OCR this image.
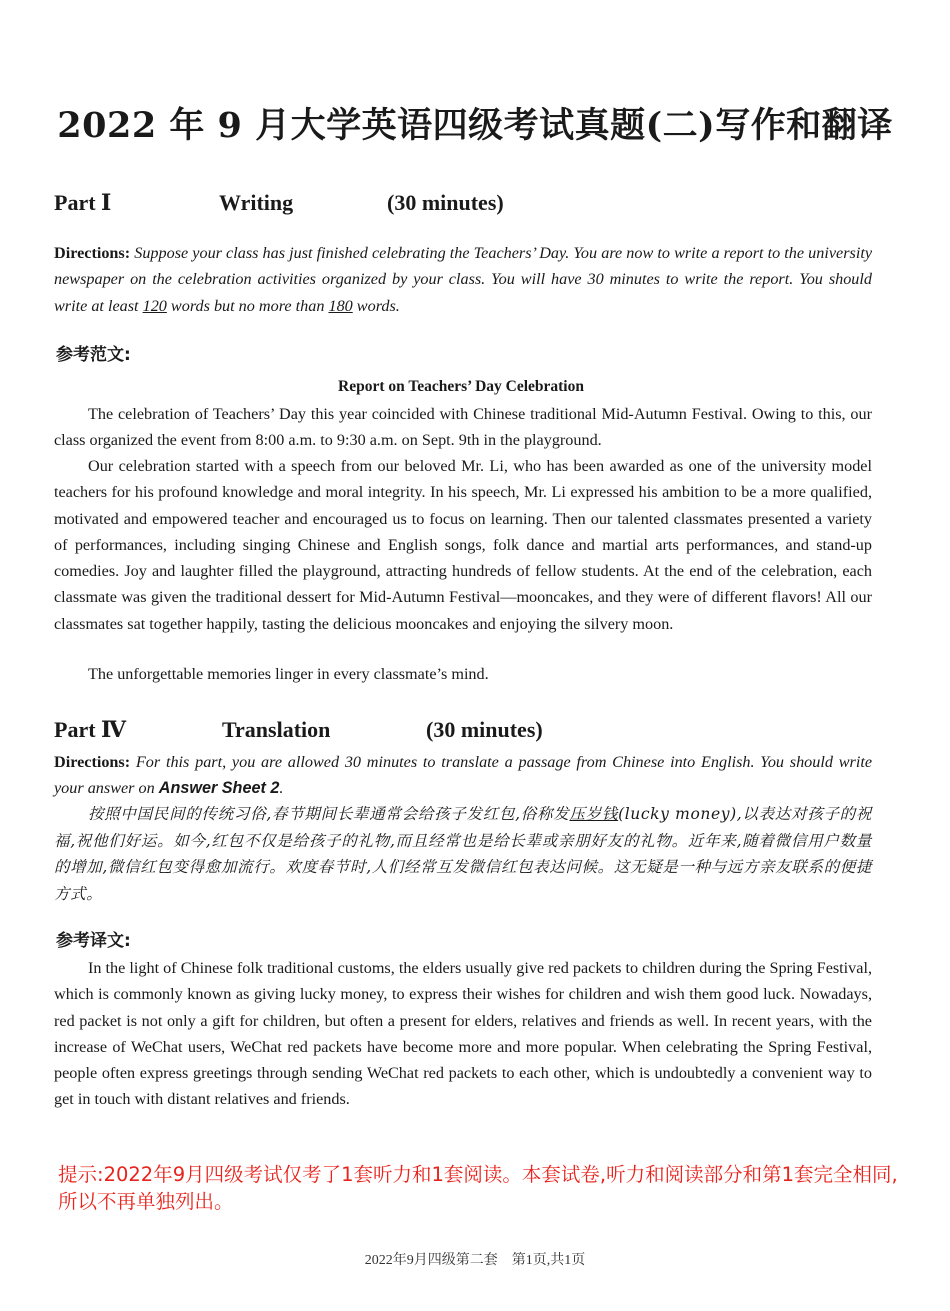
2022 年 9 月大学英语四级考试真题(二)写作和翻译
Part Ⅰ	Writing	(30 minutes)
Directions: Suppose your class has just finished celebrating the Teachers’ Day. You are now to write a report to the university newspaper on the celebration activities organized by your class. You will have 30 minutes to write the report. You should write at least 120 words but no more than 180 words.
参考范文:
Report on Teachers’ Day Celebration
The celebration of Teachers’ Day this year coincided with Chinese traditional Mid-Autumn Festival. Owing to this, our class organized the event from 8:00 a.m. to 9:30 a.m. on Sept. 9th in the playground.
Our celebration started with a speech from our beloved Mr. Li, who has been awarded as one of the university model teachers for his profound knowledge and moral integrity. In his speech, Mr. Li expressed his ambition to be a more qualified, motivated and empowered teacher and encouraged us to focus on learning. Then our talented classmates presented a variety of performances, including singing Chinese and English songs, folk dance and martial arts performances, and stand-up comedies. Joy and laughter filled the playground, attracting hundreds of fellow students. At the end of the celebration, each classmate was given the traditional dessert for Mid-Autumn Festival—mooncakes, and they were of different flavors! All our classmates sat together happily, tasting the delicious mooncakes and enjoying the silvery moon.
The unforgettable memories linger in every classmate’s mind.
Part Ⅳ	Translation	(30 minutes)
Directions: For this part, you are allowed 30 minutes to translate a passage from Chinese into English. You should write your answer on Answer Sheet 2.
按照中国民间的传统习俗,春节期间长辈通常会给孩子发红包,俗称发压岁钱(lucky money),以表达对孩子的祝福,祝他们好运。如今,红包不仅是给孩子的礼物,而且经常也是给长辈或亲朋好友的礼物。近年来,随着微信用户数量的增加,微信红包变得愈加流行。欢度春节时,人们经常互发微信红包表达问候。这无疑是一种与远方亲友联系的便捷方式。
参考译文:
In the light of Chinese folk traditional customs, the elders usually give red packets to children during the Spring Festival, which is commonly known as giving lucky money, to express their wishes for children and wish them good luck. Nowadays, red packet is not only a gift for children, but often a present for elders, relatives and friends as well. In recent years, with the increase of WeChat users, WeChat red packets have become more and more popular. When celebrating the Spring Festival, people often express greetings through sending WeChat red packets to each other, which is undoubtedly a convenient way to get in touch with distant relatives and friends.
提示:2022年9月四级考试仅考了1套听力和1套阅读。本套试卷,听力和阅读部分和第1套完全相同,所以不再单独列出。
2022年9月四级第二套　第1页,共1页
